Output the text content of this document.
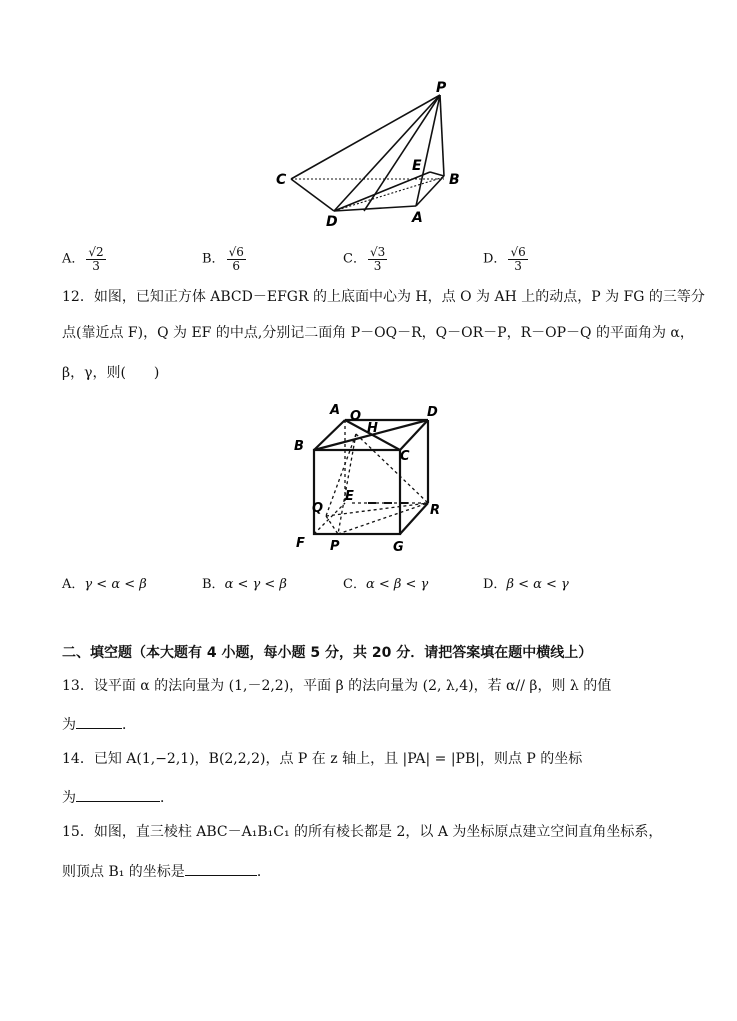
P
C
E
B
D	A
A． $\frac{√2}{3}$	B． $\frac{√6}{6}$	C． $\frac{√3}{3}$	D． $\frac{√6}{3}$
12．如图，已知正方体 ABCD－EFGR 的上底面中心为 H，点 O 为 AH 上的动点，P 为 FG 的三等分
点(靠近点 F)，Q 为 EF 的中点,分别记二面角 P－OQ－R，Q－OR－P，R－OP－Q 的平面角为 α，
β，γ，则(　　)
A O	D
B
H
C
E
Q	R
F P	G
A．γ < α < β	B．α < γ < β	C．α < β < γ	D．β < α < γ
二、填空题（本大题有 4 小题，每小题 5 分，共 20 分．请把答案填在题中横线上）
13．设平面 α 的法向量为 (1,－2,2)，平面 β 的法向量为 (2, λ,4)，若 α// β，则 λ 的值
为	．
14．已知 A(1,−2,1)，B(2,2,2)，点 P 在 z 轴上，且 |PA| = |PB|，则点 P 的坐标
为	．
15．如图，直三棱柱 ABC－A₁B₁C₁ 的所有棱长都是 2，以 A 为坐标原点建立空间直角坐标系，
则顶点 B₁ 的坐标是	．
